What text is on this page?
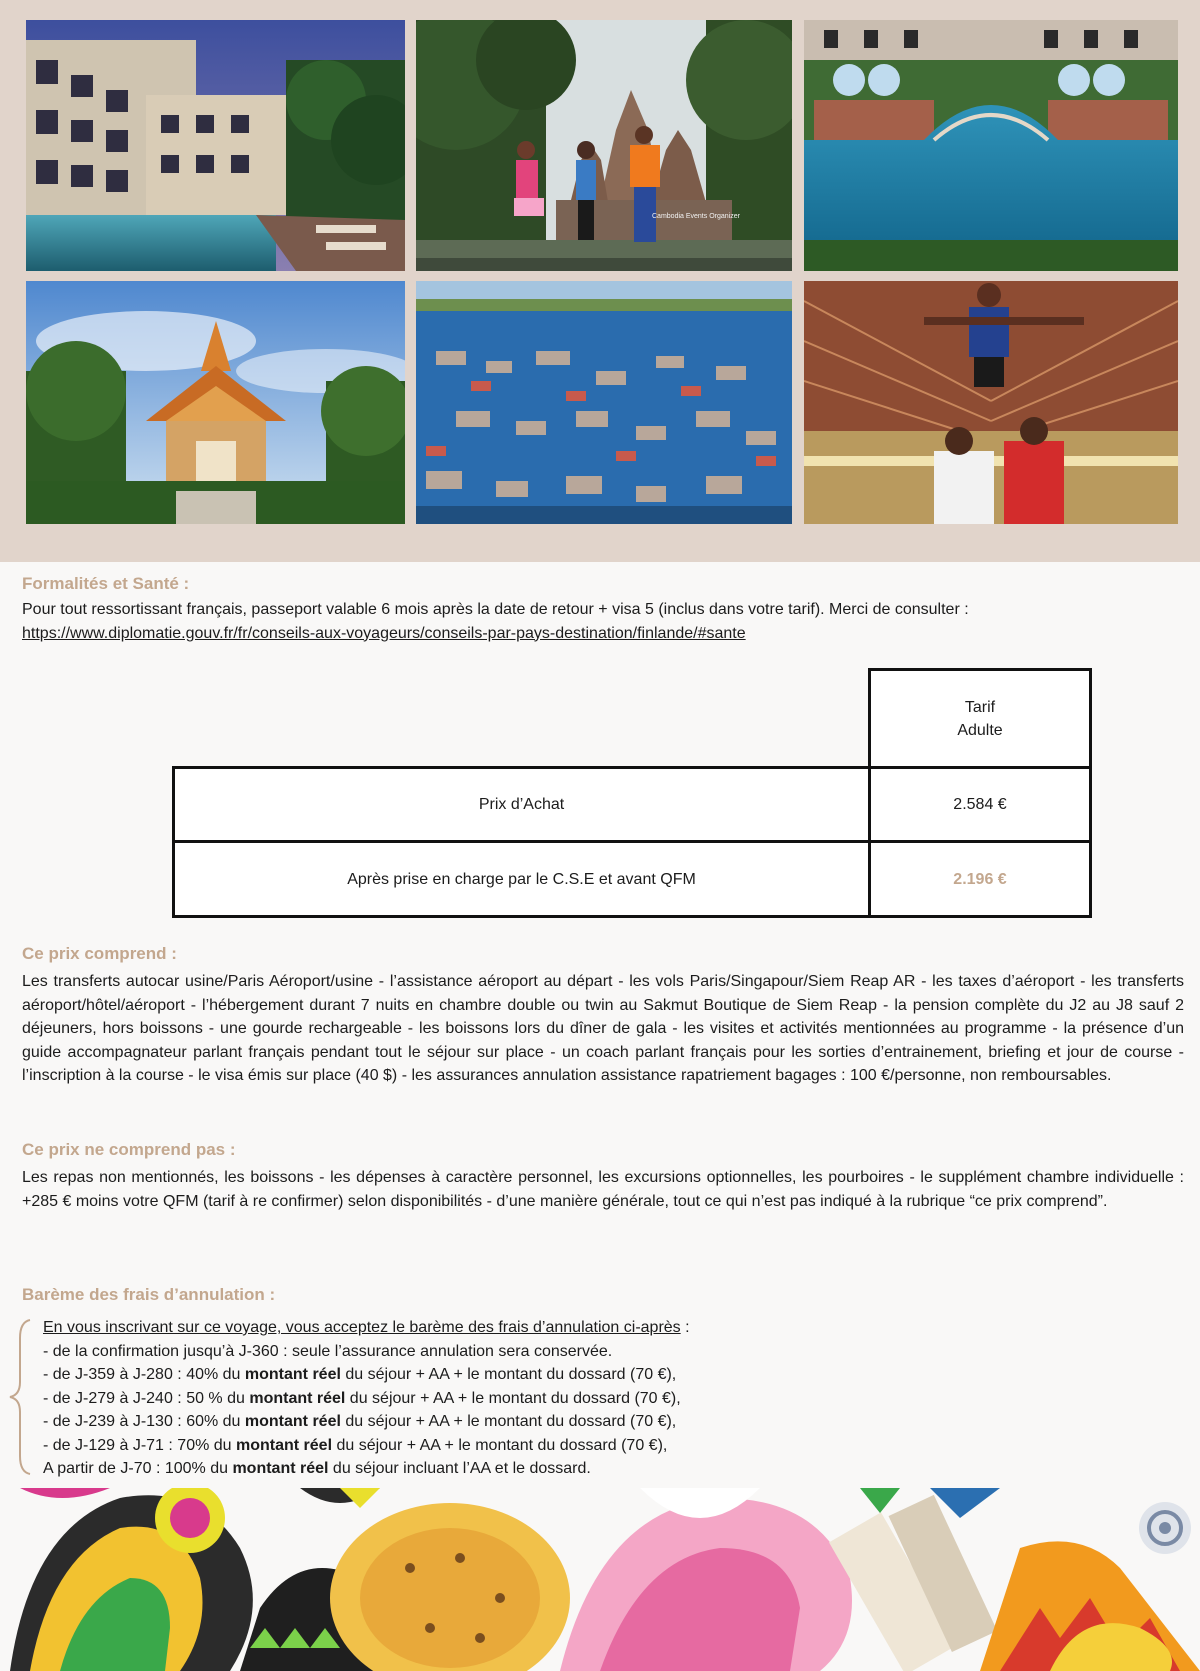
Cambodia Events Organizer
Formalités et Santé :
Pour tout ressortissant français, passeport valable 6 mois après la date de retour + visa 5 (inclus dans votre tarif). Merci de consulter :
https://www.diplomatie.gouv.fr/fr/conseils-aux-voyageurs/conseils-par-pays-destination/finlande/#sante
Tarif
Adulte
Prix d’Achat	2.584 €
Après prise en charge par le C.S.E et avant QFM	2.196 €
Ce prix comprend :
Les transferts autocar usine/Paris Aéroport/usine - l’assistance aéroport au départ - les vols Paris/Singapour/Siem Reap AR - les taxes d’aéroport - les transferts aéroport/hôtel/aéroport - l’hébergement durant 7 nuits en chambre double ou twin au Sakmut Boutique de Siem Reap - la pension complète du J2 au J8 sauf 2 déjeuners, hors boissons - une gourde rechargeable - les boissons lors du dîner de gala - les visites et activités mentionnées au programme - la présence d’un guide accompagnateur parlant français pendant tout le séjour sur place - un coach parlant français pour les sorties d’entrainement, briefing et jour de course - l’inscription à la course - le visa émis sur place (40 $) - les assurances annulation assistance rapatriement bagages : 100 €/personne, non remboursables.
Ce prix ne comprend pas :
Les repas non mentionnés, les boissons - les dépenses à caractère personnel, les excursions optionnelles, les pourboires - le supplément chambre individuelle : +285 € moins votre QFM (tarif à re confirmer) selon disponibilités - d’une manière générale, tout ce qui n’est pas indiqué à la rubrique “ce prix comprend”.
Barème des frais d’annulation :
En vous inscrivant sur ce voyage, vous acceptez le barème des frais d’annulation ci-après :
- de la confirmation jusqu’à J-360 : seule l’assurance annulation sera conservée.
- de J-359 à J-280 : 40% du montant réel du séjour + AA + le montant du dossard (70 €),
- de J-279 à J-240 : 50 % du montant réel du séjour + AA + le montant du dossard (70 €),
- de J-239 à J-130 : 60% du montant réel du séjour + AA + le montant du dossard (70 €),
- de J-129 à J-71 : 70% du montant réel du séjour + AA + le montant du dossard (70 €),
A partir de J-70 : 100% du montant réel du séjour incluant l’AA et le dossard.
